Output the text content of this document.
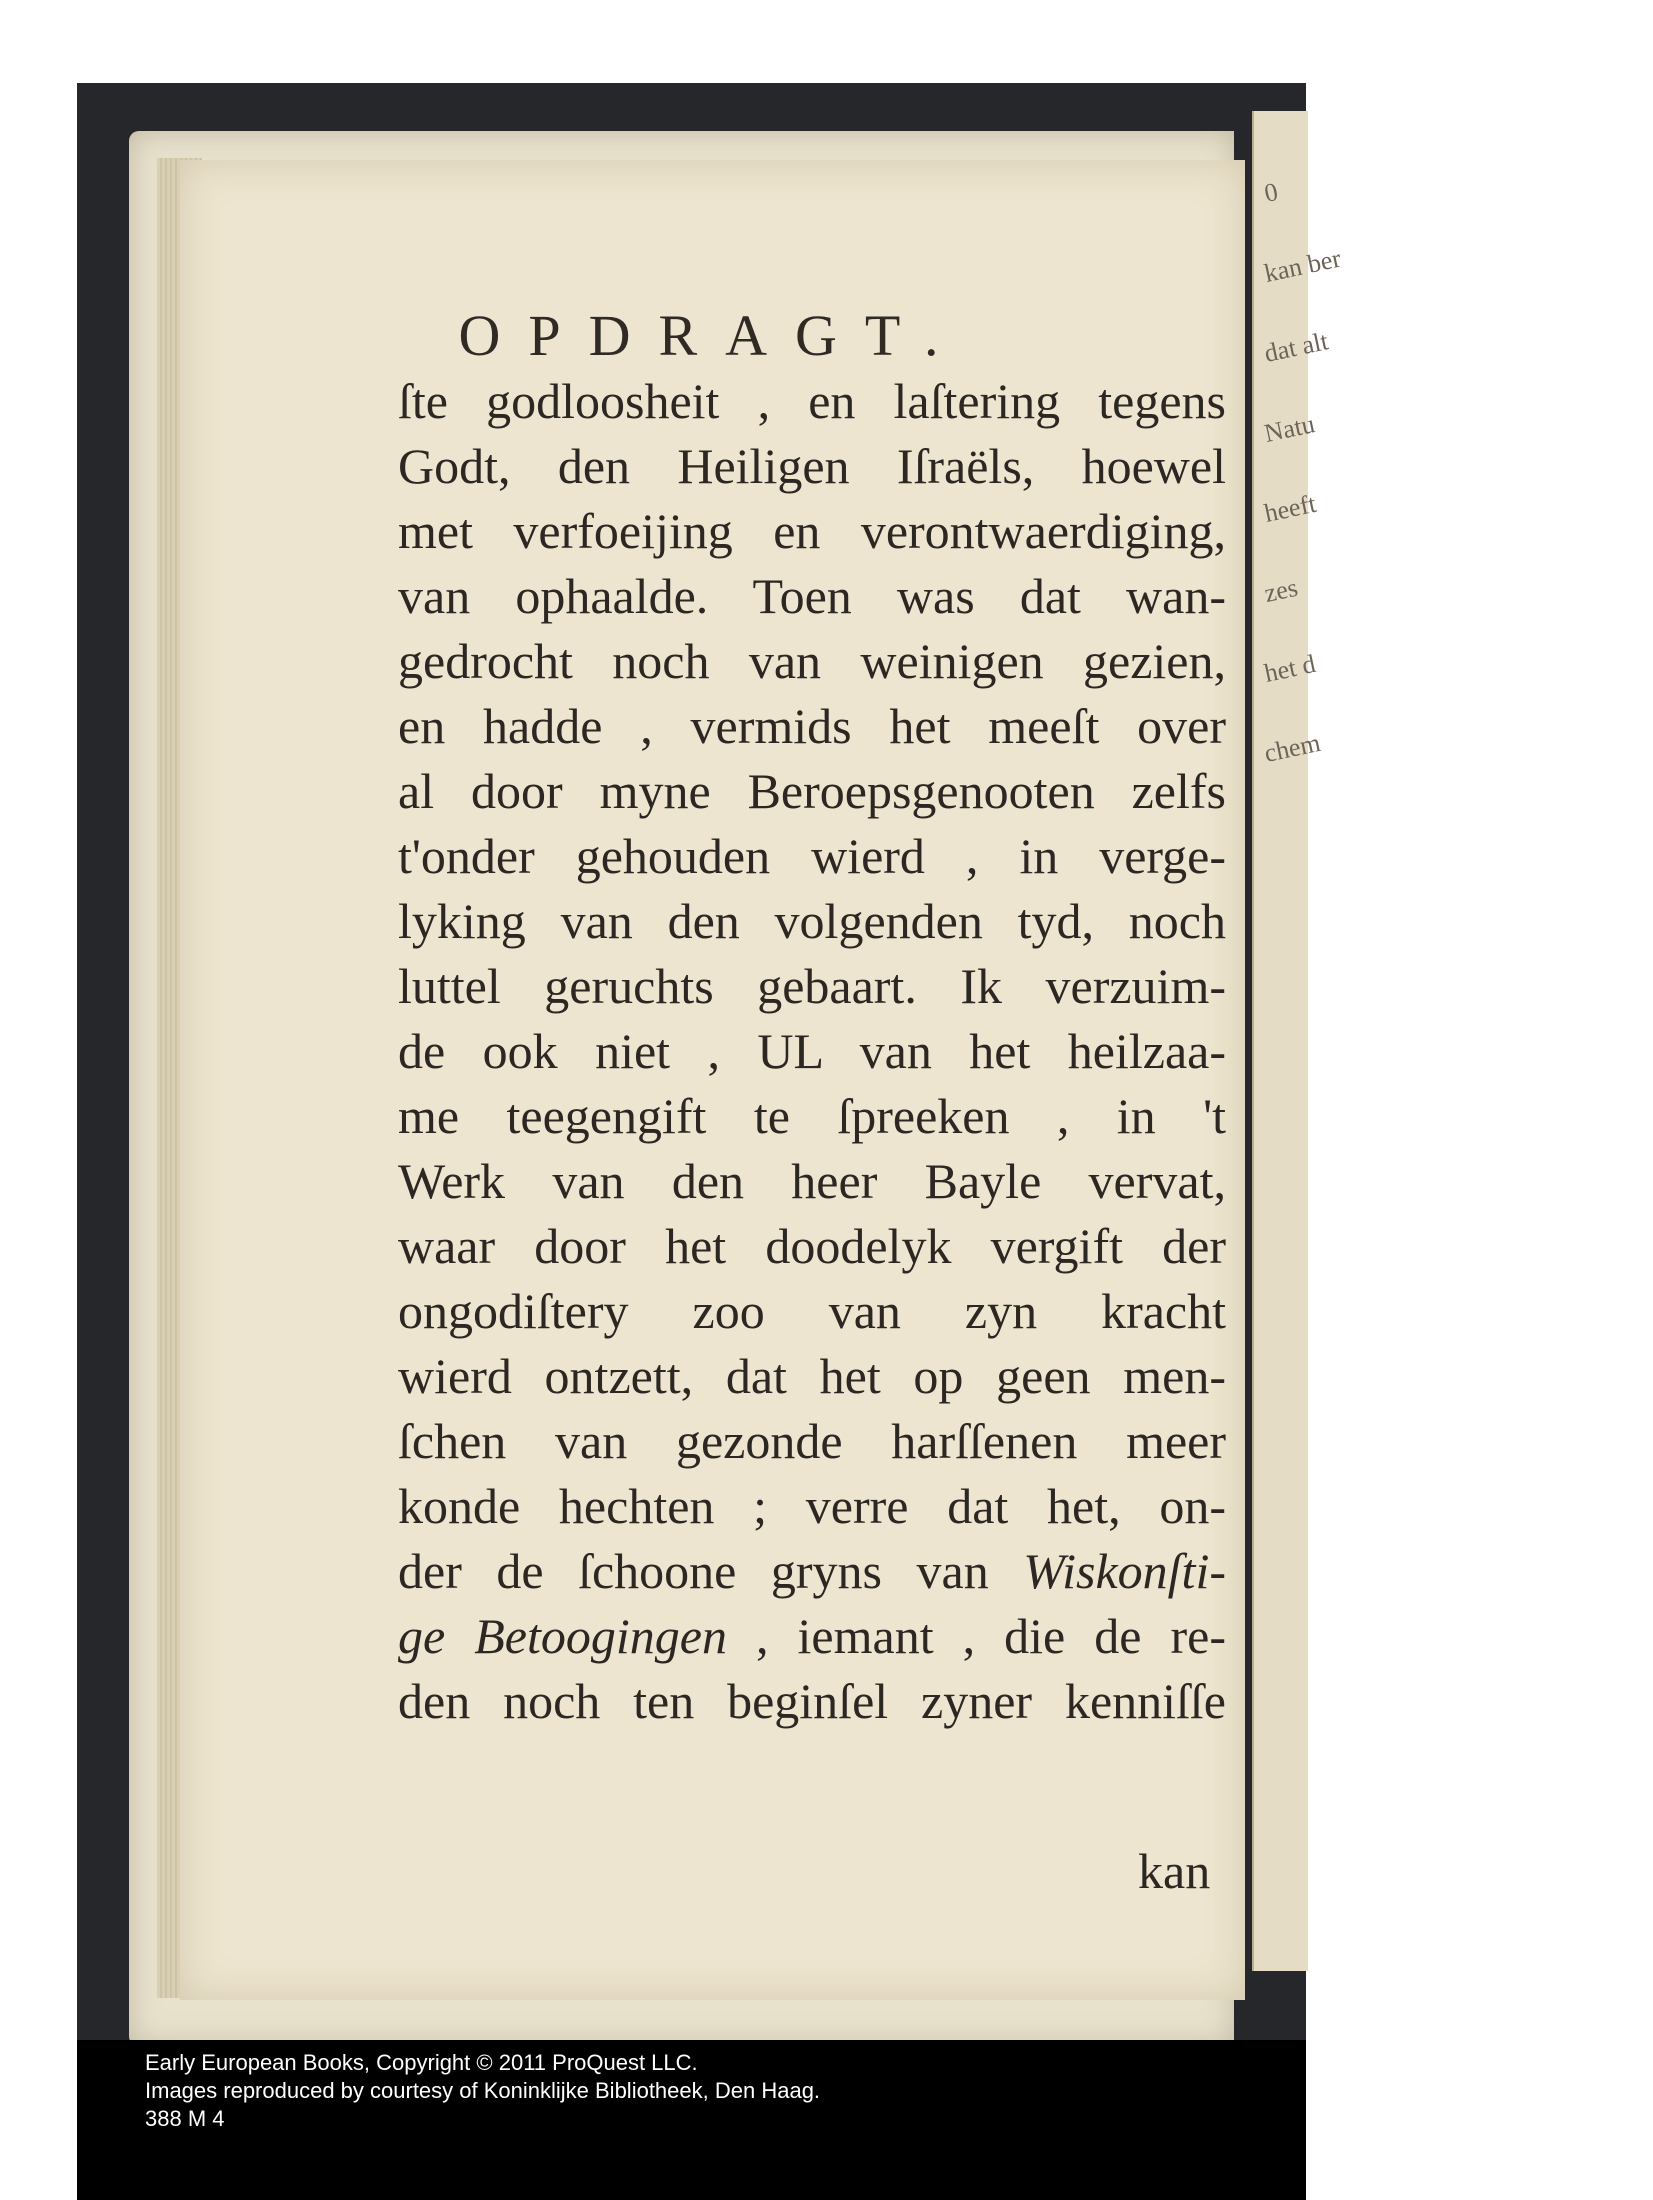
0
kan ber
dat alt
Natu
heeft
zes
het d
chem
OPDRAGT.
ſte godloosheit , en laſtering tegens
Godt, den Heiligen Iſraëls, hoewel
met verfoeijing en verontwaerdiging,
van ophaalde. Toen was dat wan-
gedrocht noch van weinigen gezien,
en hadde , vermids het meeſt over
al door myne Beroepsgenooten zelfs
t'onder gehouden wierd , in verge-
lyking van den volgenden tyd, noch
luttel geruchts gebaart. Ik verzuim-
de ook niet , UL van het heilzaa-
me teegengift te ſpreeken , in 't
Werk van den heer Bayle vervat,
waar door het doodelyk vergift der
ongodiſtery zoo van zyn kracht
wierd ontzett, dat het op geen men-
ſchen van gezonde harſſenen meer
konde hechten ; verre dat het, on-
der de ſchoone gryns van Wiskonſti-
ge Betoogingen , iemant , die de re-
den noch ten beginſel zyner kenniſſe
kan
Early European Books, Copyright © 2011 ProQuest LLC.
Images reproduced by courtesy of Koninklijke Bibliotheek, Den Haag.
388 M 4
